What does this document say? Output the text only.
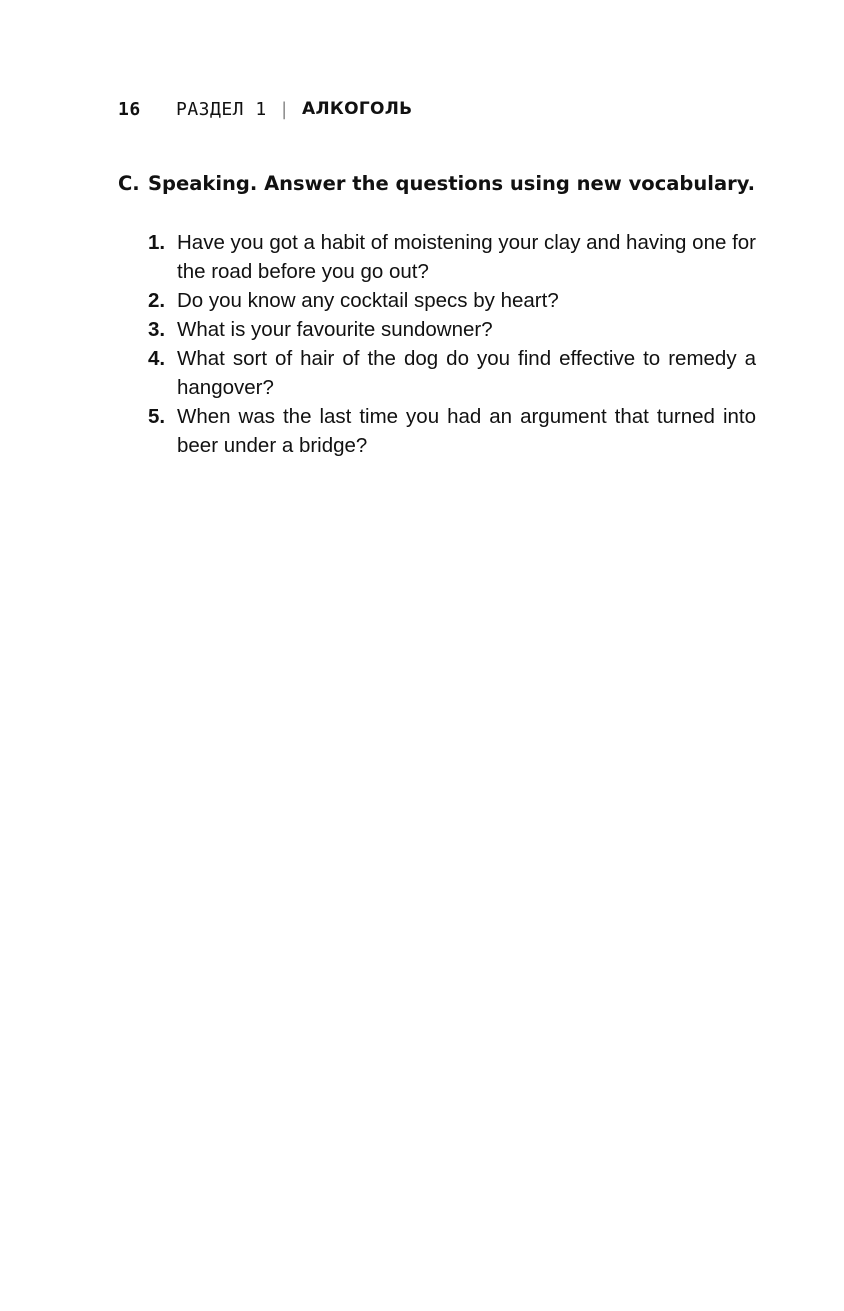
16	РАЗДЕЛ 1 | АЛКОГОЛЬ
C. Speaking. Answer the questions using new vocabulary.
1. Have you got a habit of moistening your clay and having one for the road before you go out?
2. Do you know any cocktail specs by heart?
3. What is your favourite sundowner?
4. What sort of hair of the dog do you find effective to remedy a hangover?
5. When was the last time you had an argument that turned into beer under a bridge?
